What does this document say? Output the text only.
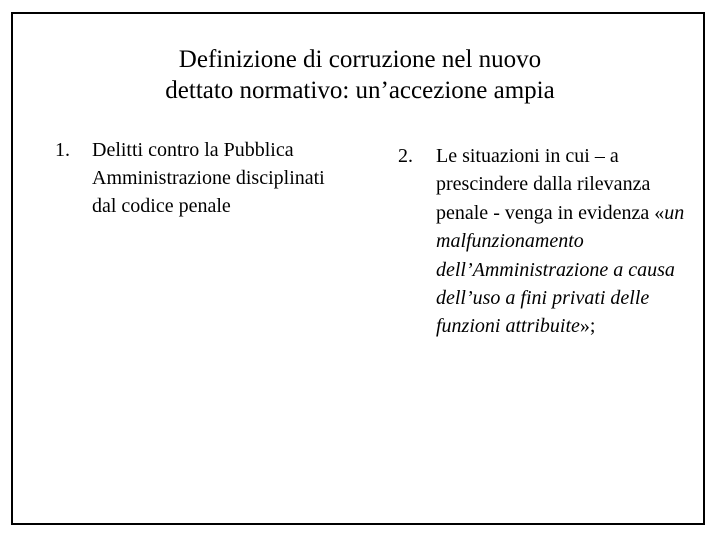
Definizione di corruzione nel nuovo
dettato normativo: un’accezione ampia
1. Delitti contro la Pubblica Amministrazione disciplinati dal codice penale
2. Le situazioni in cui – a prescindere dalla rilevanza penale - venga in evidenza «un malfunzionamento dell’Amministrazione a causa dell’uso a fini privati delle funzioni attribuite»;
